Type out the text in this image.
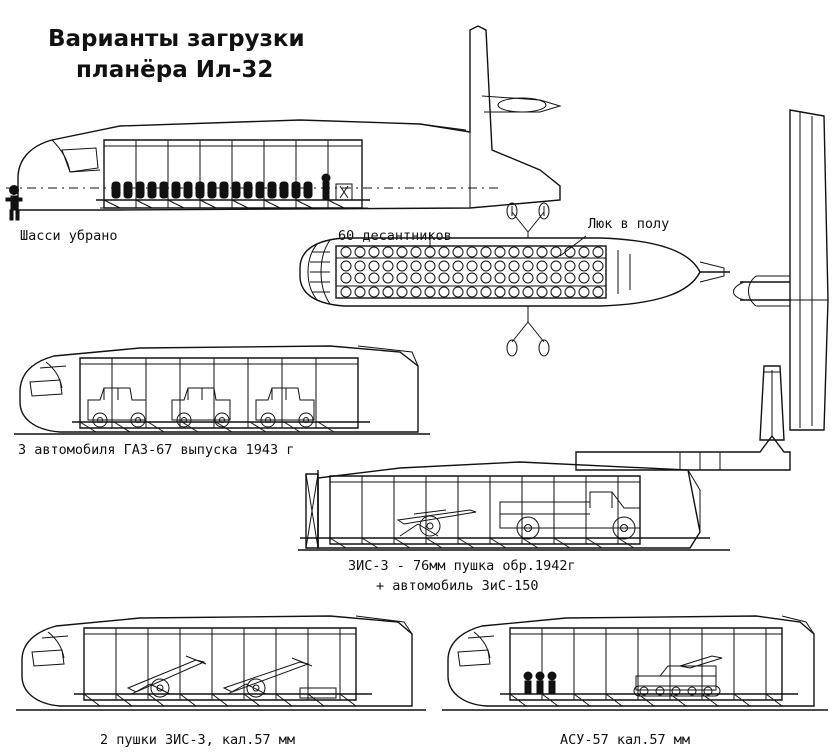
Варианты загрузки
планёра Ил-32
Шасси убрано	60 десантников
Люк в полу
3 автомобиля ГАЗ-67 выпуска 1943 г
ЗИС-3 - 76мм пушка обр.1942г
+ автомобиль ЗиС-150
2 пушки ЗИС-3, кал.57 мм	АСУ-57 кал.57 мм
